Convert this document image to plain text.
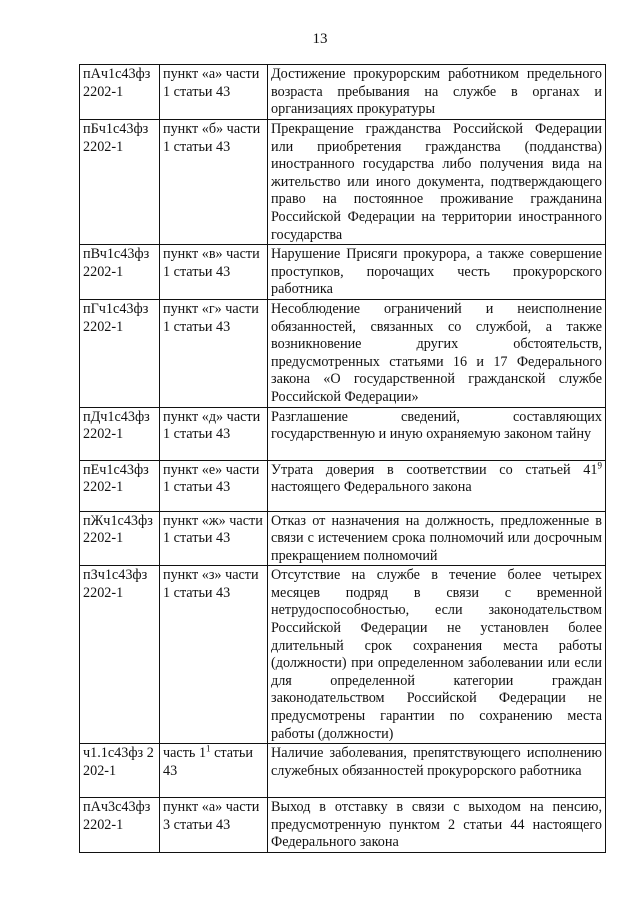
13
пАч1с43фз2202-1	пункт «а» части 1 статьи 43	Достижение прокурорским работником предельного возраста пребывания на службе в органах и организациях прокуратуры
пБч1с43фз 2202-1	пункт «б» части 1 статьи 43	Прекращение гражданства Российской Федерации или приобретения гражданства (подданства) иностранного государства либо получения вида на жительство или иного документа, подтверждающего право на постоянное проживание гражданина Российской Федерации на территории иностранного государства
пВч1с43фз2202-1	пункт «в» части 1 статьи 43	Нарушение Присяги прокурора, а также совершение проступков, порочащих честь прокурорского работника
пГч1с43фз 2202-1	пункт «г» части 1 статьи 43	Несоблюдение ограничений и неисполнение обязанностей, связанных со службой, а также возникновение других обстоятельств, предусмотренных статьями 16 и 17 Федерального закона «О государственной гражданской службе Российской Федерации»
пДч1с43фз2202-1	пункт «д» части 1 статьи 43	Разглашение сведений, составляющих государственную и иную охраняемую законом тайну
пЕч1с43фз 2202-1	пункт «е» части 1 статьи 43	Утрата доверия в соответствии со статьей $41^9$ настоящего Федерального закона
пЖч1с43фз 2202-1	пункт «ж» части 1 статьи 43	Отказ от назначения на должность, предложенные в связи с истечением срока полномочий или досрочным прекращением полномочий
пЗч1с43фз 2202-1	пункт «з» части 1 статьи 43	Отсутствие на службе в течение более четырех месяцев подряд в связи с временной нетрудоспособностью, если законодательством Российской Федерации не установлен более длительный срок сохранения места работы (должности) при определенном заболевании или если для определенной категории граждан законодательством Российской Федерации не предусмотрены гарантии по сохранению места работы (должности)
ч1.1с43фз 2202-1	часть $1^1$ статьи 43	Наличие заболевания, препятствующего исполнению служебных обязанностей прокурорского работника
пАч3с43фз2202-1	пункт «а» части 3 статьи 43	Выход в отставку в связи с выходом на пенсию, предусмотренную пунктом 2 статьи 44 настоящего Федерального закона
